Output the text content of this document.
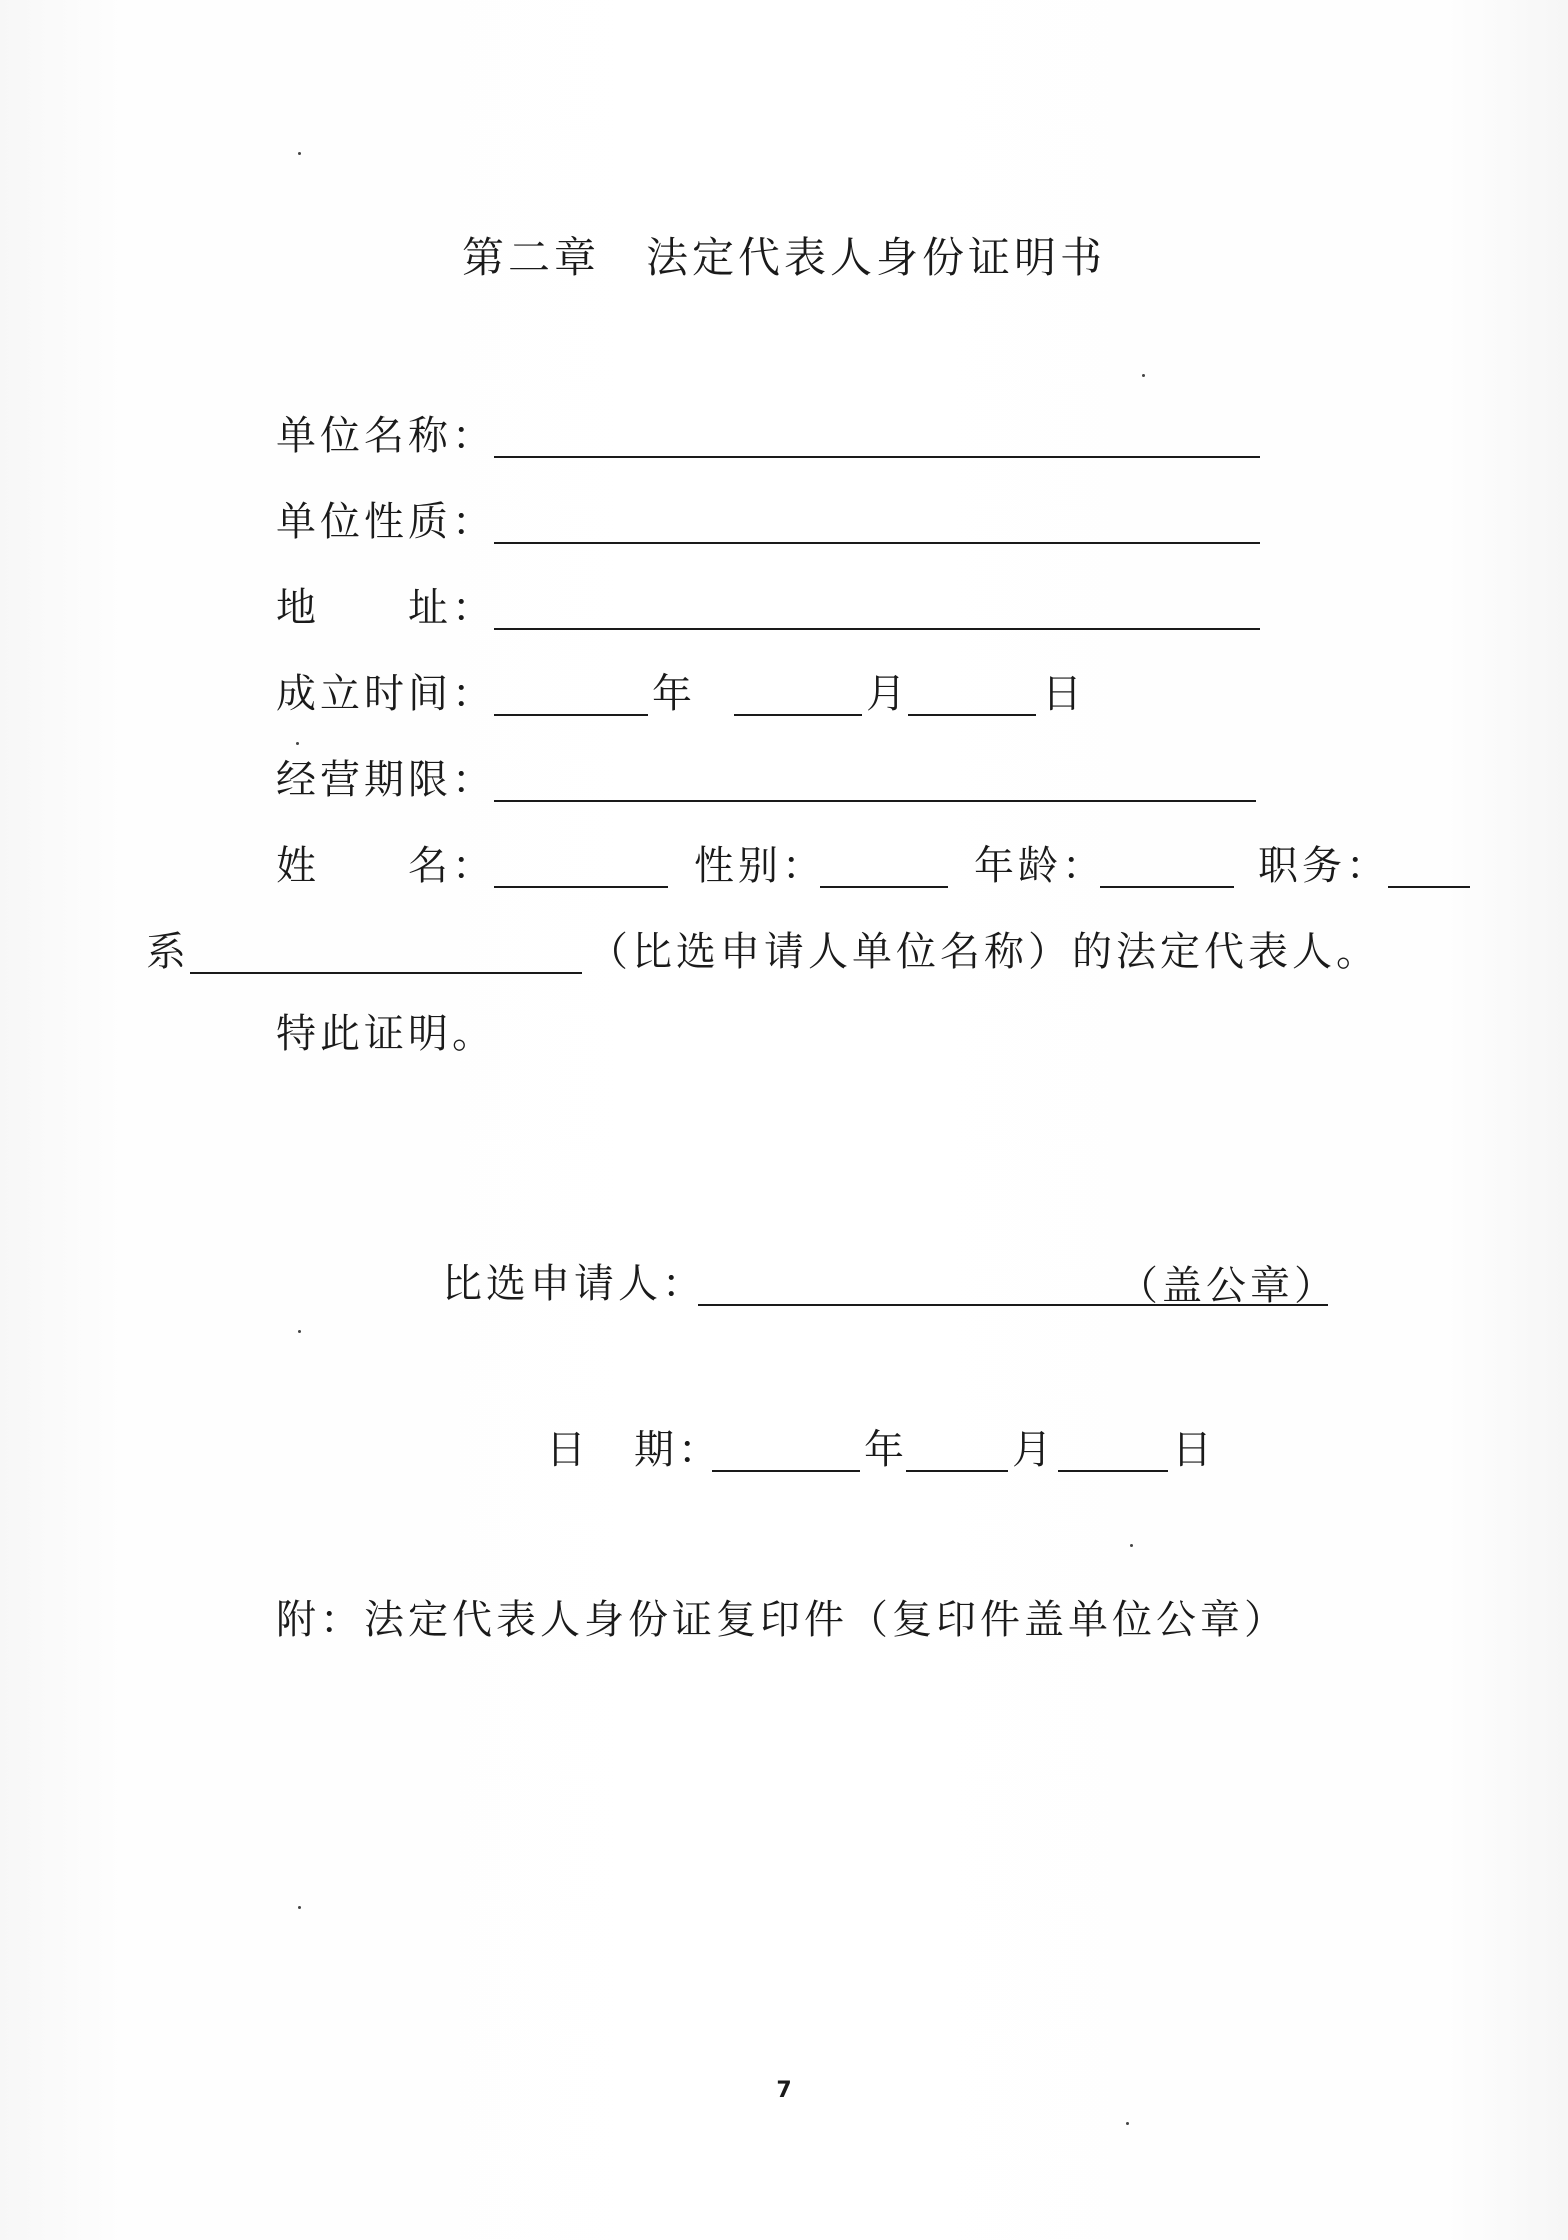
第二章　法定代表人身份证明书
单位名称：
单位性质：
地　　址：
成立时间：	年	月	日
经营期限：
姓　　名：	性别：	年龄：	职务：
系	（比选申请人单位名称）的法定代表人。
特此证明。
比选申请人：	（盖公章）
日　期：	年	月	日
附：法定代表人身份证复印件（复印件盖单位公章）
7
